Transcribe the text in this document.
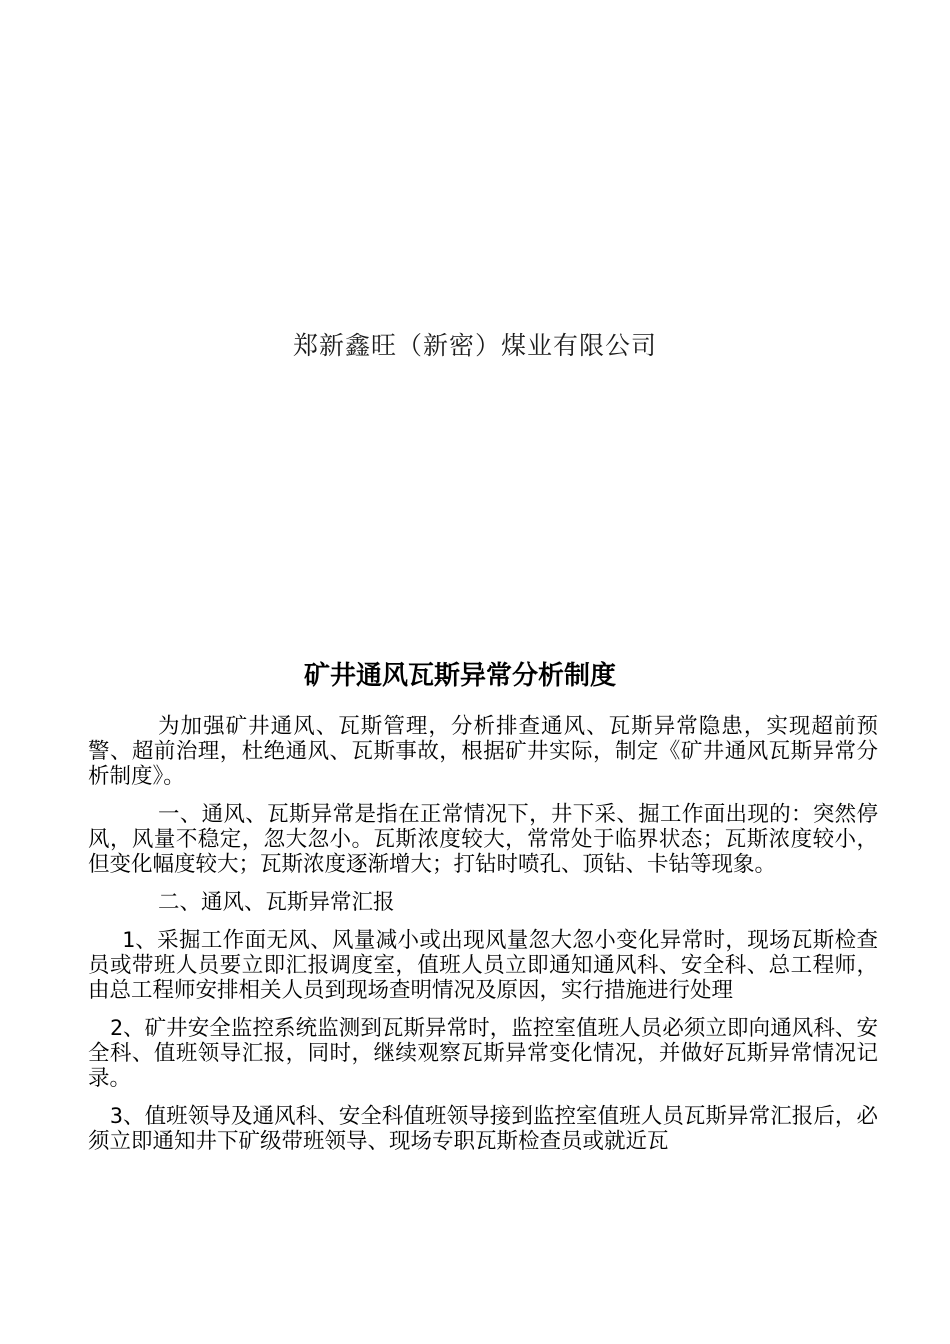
郑新鑫旺（新密）煤业有限公司
矿井通风瓦斯异常分析制度

为加强矿井通风、瓦斯管理，分析排查通风、瓦斯异常隐患，实现超前预警、超前治理，杜绝通风、瓦斯事故，根据矿井实际，制定《矿井通风瓦斯异常分析制度》。

一、通风、瓦斯异常是指在正常情况下，井下采、掘工作面出现的：突然停风，风量不稳定，忽大忽小。瓦斯浓度较大，常常处于临界状态；瓦斯浓度较小，但变化幅度较大；瓦斯浓度逐渐增大；打钻时喷孔、顶钻、卡钻等现象。

二、通风、瓦斯异常汇报

1、采掘工作面无风、风量减小或出现风量忽大忽小变化异常时，现场瓦斯检查员或带班人员要立即汇报调度室，值班人员立即通知通风科、安全科、总工程师，由总工程师安排相关人员到现场查明情况及原因，实行措施进行处理

2、矿井安全监控系统监测到瓦斯异常时，监控室值班人员必须立即向通风科、安全科、值班领导汇报，同时，继续观察瓦斯异常变化情况，并做好瓦斯异常情况记录。

3、值班领导及通风科、安全科值班领导接到监控室值班人员瓦斯异常汇报后，必须立即通知井下矿级带班领导、现场专职瓦斯检查员或就近瓦
